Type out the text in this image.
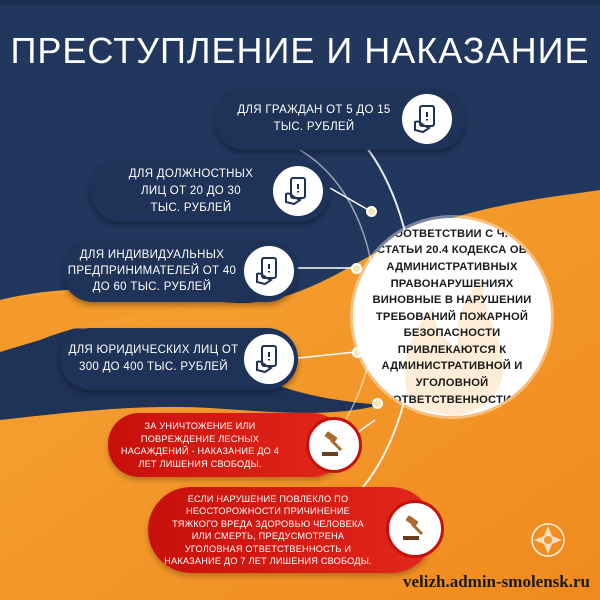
ПРЕСТУПЛЕНИЕ И НАКАЗАНИЕ
ДЛЯ ГРАЖДАН ОТ 5 ДО 15 ТЫС. РУБЛЕЙ
ДЛЯ ДОЛЖНОСТНЫХ ЛИЦ ОТ 20 ДО 30 ТЫС. РУБЛЕЙ
ДЛЯ ИНДИВИДУАЛЬНЫХ ПРЕДПРИНИМАТЕЛЕЙ ОТ 40 ДО 60 ТЫС. РУБЛЕЙ
ДЛЯ ЮРИДИЧЕСКИХ ЛИЦ ОТ 300 ДО 400 ТЫС. РУБЛЕЙ
ЗА УНИЧТОЖЕНИЕ ИЛИ ПОВРЕЖДЕНИЕ ЛЕСНЫХ НАСАЖДЕНИЙ - НАКАЗАНИЕ ДО 4 ЛЕТ ЛИШЕНИЯ СВОБОДЫ.
ЕСЛИ НАРУШЕНИЕ ПОВЛЕКЛО ПО НЕОСТОРОЖНОСТИ ПРИЧИНЕНИЕ ТЯЖКОГО ВРЕДА ЗДОРОВЬЮ ЧЕЛОВЕКА ИЛИ СМЕРТЬ, ПРЕДУСМОТРЕНА УГОЛОВНАЯ ОТВЕТСТВЕННОСТЬ И НАКАЗАНИЕ ДО 7 ЛЕТ ЛИШЕНИЯ СВОБОДЫ.
СООТВЕТСТВИИ С Ч. 1 СТАТЬИ 20.4 КОДЕКСА ОБ АДМИНИСТРАТИВНЫХ ПРАВОНАРУШЕНИЯХ ВИНОВНЫЕ В НАРУШЕНИИ ТРЕБОВАНИЙ ПОЖАРНОЙ БЕЗОПАСНОСТИ ПРИВЛЕКАЮТСЯ К АДМИНИСТРАТИВНОЙ И УГОЛОВНОЙ ОТВЕТСТВЕННОСТИ
velizh.admin-smolensk.ru
